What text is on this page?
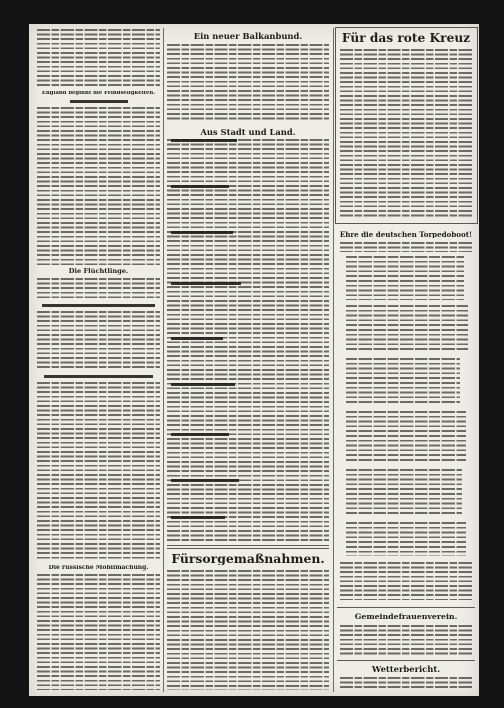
England beginnt die Feindseligkeiten.
Die Flüchtlinge.
Die russische Mobilmachung.
Ein neuer Balkanbund.
Aus Stadt und Land.
Fürsorgemaßnahmen.
Für das rote Kreuz
Ehre die deutschen Torpedoboot!
Gemeindefrauenverein.
Wetterbericht.
